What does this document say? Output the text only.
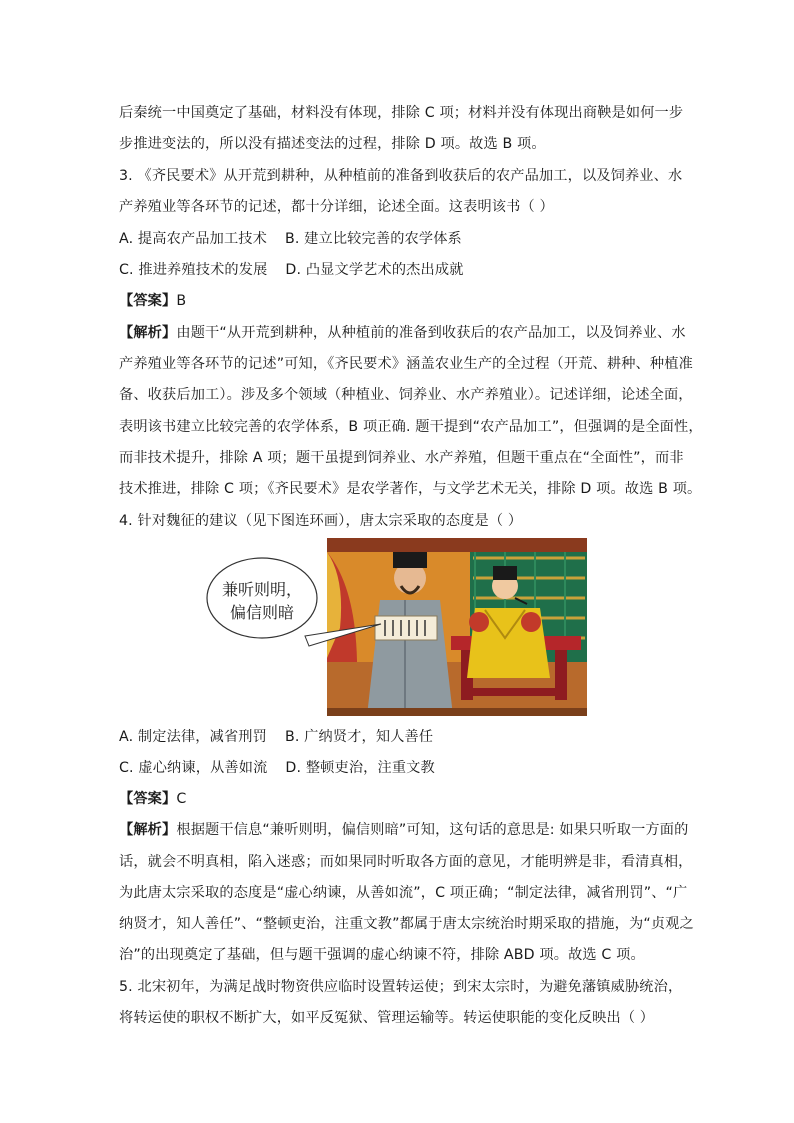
后秦统一中国奠定了基础，材料没有体现，排除 C 项；材料并没有体现出商鞅是如何一步
步推进变法的，所以没有描述变法的过程，排除 D 项。故选 B 项。
3. 《齐民要术》从开荒到耕种，从种植前的准备到收获后的农产品加工，以及饲养业、水
产养殖业等各环节的记述，都十分详细，论述全面。这表明该书（ ）
A. 提高农产品加工技术 B. 建立比较完善的农学体系
C. 推进养殖技术的发展 D. 凸显文学艺术的杰出成就
【答案】B
【解析】由题干“从开荒到耕种，从种植前的准备到收获后的农产品加工，以及饲养业、水
产养殖业等各环节的记述”可知，《齐民要术》涵盖农业生产的全过程（开荒、耕种、种植准
备、收获后加工）。涉及多个领域（种植业、饲养业、水产养殖业）。记述详细，论述全面，
表明该书建立比较完善的农学体系，B 项正确. 题干提到“农产品加工”，但强调的是全面性，
而非技术提升，排除 A 项；题干虽提到饲养业、水产养殖，但题干重点在“全面性”，而非
技术推进，排除 C 项；《齐民要术》是农学著作，与文学艺术无关，排除 D 项。故选 B 项。
4. 针对魏征的建议（见下图连环画），唐太宗采取的态度是（ ）
兼听则明，
偏信则暗
A. 制定法律，减省刑罚 B. 广纳贤才，知人善任
C. 虚心纳谏，从善如流 D. 整顿吏治，注重文教
【答案】C
【解析】根据题干信息“兼听则明，偏信则暗”可知，这句话的意思是: 如果只听取一方面的
话，就会不明真相，陷入迷惑；而如果同时听取各方面的意见，才能明辨是非，看清真相，
为此唐太宗采取的态度是“虚心纳谏，从善如流”，C 项正确；“制定法律，减省刑罚”、“广
纳贤才，知人善任”、“整顿吏治，注重文教”都属于唐太宗统治时期采取的措施，为“贞观之
治”的出现奠定了基础，但与题干强调的虚心纳谏不符，排除 ABD 项。故选 C 项。
5. 北宋初年，为满足战时物资供应临时设置转运使；到宋太宗时，为避免藩镇威胁统治，
将转运使的职权不断扩大，如平反冤狱、管理运输等。转运使职能的变化反映出（ ）
